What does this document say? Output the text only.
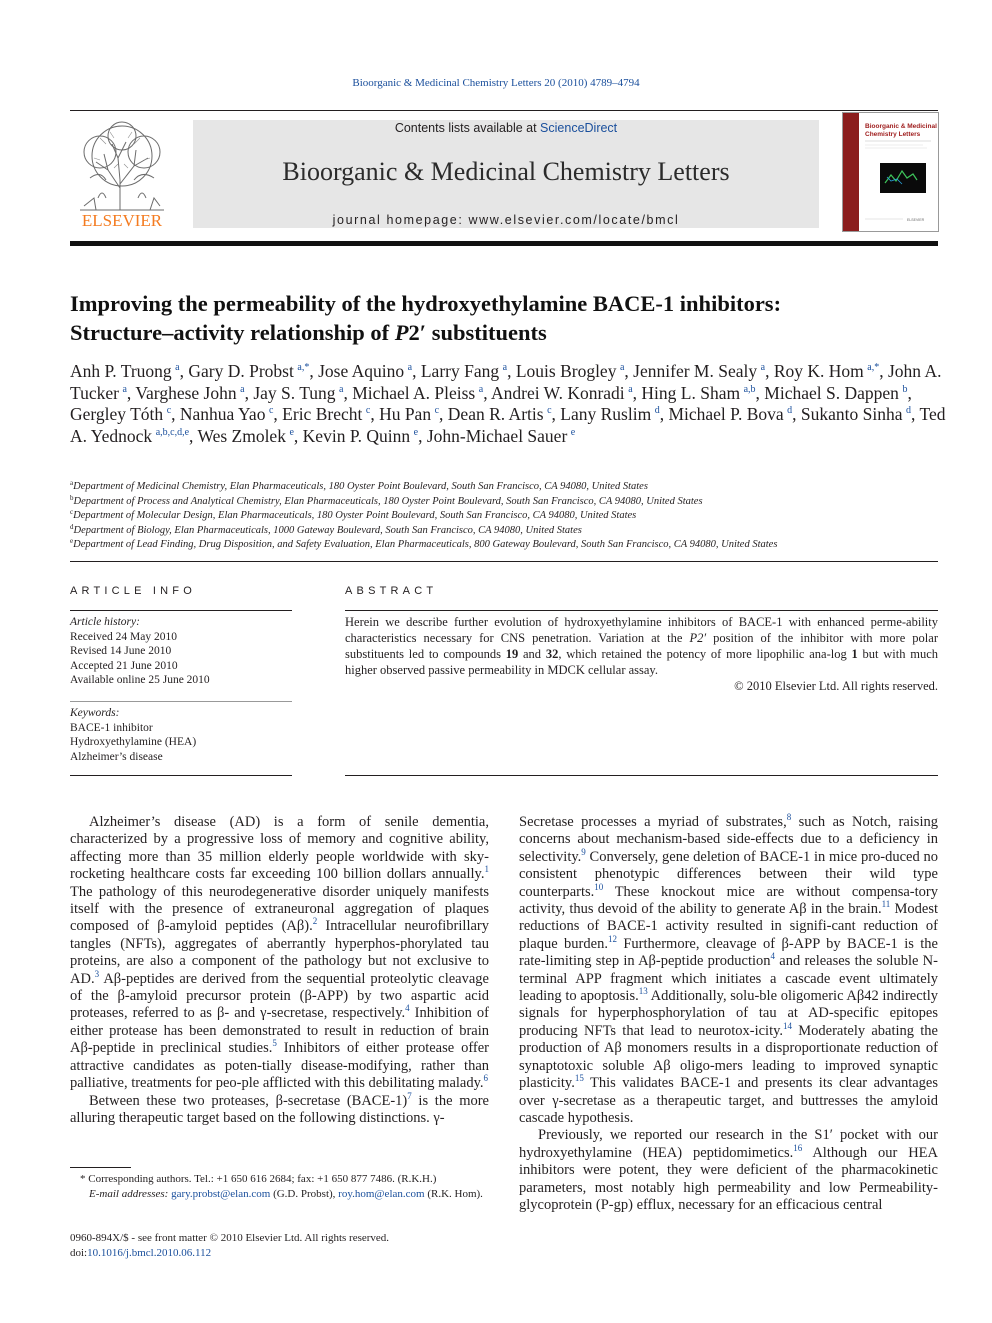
Bioorganic & Medicinal Chemistry Letters 20 (2010) 4789–4794
ELSEVIER
Contents lists available at ScienceDirect
Bioorganic & Medicinal Chemistry Letters
journal homepage: www.elsevier.com/locate/bmcl
Bioorganic & Medicinal
Chemistry Letters
ELSEVIER
Improving the permeability of the hydroxyethylamine BACE-1 inhibitors:
Structure–activity relationship of P2′ substituents
Anh P. Truong  $^a$, Gary D. Probst  $^{a,*}$, Jose Aquino  $^a$, Larry Fang  $^a$, Louis Brogley  $^a$, Jennifer M. Sealy  $^a$, Roy K. Hom  $^{a,*}$, John A. Tucker  $^a$, Varghese John  $^a$, Jay S. Tung  $^a$, Michael A. Pleiss  $^a$, Andrei W. Konradi  $^a$, Hing L. Sham  $^{a,b}$, Michael S. Dappen  $^b$, Gergley Tóth  $^c$, Nanhua Yao  $^c$, Eric Brecht  $^c$, Hu Pan  $^c$, Dean R. Artis  $^c$, Lany Ruslim  $^d$, Michael P. Bova  $^d$, Sukanto Sinha  $^d$, Ted A. Yednock  $^{a,b,c,d,e}$, Wes Zmolek  $^e$, Kevin P. Quinn  $^e$, John-Michael Sauer  $^e$
$^a$Department of Medicinal Chemistry, Elan Pharmaceuticals, 180 Oyster Point Boulevard, South San Francisco, CA 94080, United States
$^b$Department of Process and Analytical Chemistry, Elan Pharmaceuticals, 180 Oyster Point Boulevard, South San Francisco, CA 94080, United States
$^c$Department of Molecular Design, Elan Pharmaceuticals, 180 Oyster Point Boulevard, South San Francisco, CA 94080, United States
$^d$Department of Biology, Elan Pharmaceuticals, 1000 Gateway Boulevard, South San Francisco, CA 94080, United States
$^e$Department of Lead Finding, Drug Disposition, and Safety Evaluation, Elan Pharmaceuticals, 800 Gateway Boulevard, South San Francisco, CA 94080, United States
ARTICLE INFO	ABSTRACT
Article history:
Received 24 May 2010
Revised 14 June 2010
Accepted 21 June 2010
Available online 25 June 2010
Keywords:
BACE-1 inhibitor
Hydroxyethylamine (HEA)
Alzheimer’s disease
Herein we describe further evolution of hydroxyethylamine inhibitors of BACE-1 with enhanced perme-ability characteristics necessary for CNS penetration. Variation at the P2′ position of the inhibitor with more polar substituents led to compounds 19 and 32, which retained the potency of more lipophilic ana-log 1 but with much higher observed passive permeability in MDCK cellular assay.
© 2010 Elsevier Ltd. All rights reserved.

Alzheimer’s disease (AD) is a form of senile dementia, characterized by a progressive loss of memory and cognitive ability, affecting more than 35 million elderly people worldwide with sky-rocketing healthcare costs far exceeding 100 billion dollars annually.$^1$ The pathology of this neurodegenerative disorder uniquely manifests itself with the presence of extraneuronal aggregation of plaques composed of β-amyloid peptides (Aβ).$^2$ Intracellular neurofibrillary tangles (NFTs), aggregates of aberrantly hyperphos-phorylated tau proteins, are also a component of the pathology but not exclusive to AD.$^3$ Aβ-peptides are derived from the sequential proteolytic cleavage of the β-amyloid precursor protein (β-APP) by two aspartic acid proteases, referred to as β- and γ-secretase, respectively.$^4$ Inhibition of either protease has been demonstrated to result in reduction of brain Aβ-peptide in preclinical studies.$^5$ Inhibitors of either protease offer attractive candidates as poten-tially disease-modifying, rather than palliative, treatments for peo-ple afflicted with this debilitating malady.$^6$

Between these two proteases, β-secretase (BACE-1)$^7$ is the more alluring therapeutic target based on the following distinctions. γ-

Secretase processes a myriad of substrates,$^8$ such as Notch, raising concerns about mechanism-based side-effects due to a deficiency in selectivity.$^9$ Conversely, gene deletion of BACE-1 in mice pro-duced no consistent phenotypic differences between their wild type counterparts.$^{10}$ These knockout mice are without compensa-tory activity, thus devoid of the ability to generate Aβ in the brain.$^{11}$ Modest reductions of BACE-1 activity resulted in signifi-cant reduction of plaque burden.$^{12}$ Furthermore, cleavage of β-APP by BACE-1 is the rate-limiting step in Aβ-peptide production$^4$ and releases the soluble N-terminal APP fragment which initiates a cascade event ultimately leading to apoptosis.$^{13}$ Additionally, solu-ble oligomeric Aβ42 indirectly signals for hyperphosphorylation of tau at AD-specific epitopes producing NFTs that lead to neurotox-icity.$^{14}$ Moderately abating the production of Aβ monomers results in a disproportionate reduction of synaptotoxic soluble Aβ oligo-mers leading to improved synaptic plasticity.$^{15}$ This validates BACE-1 and presents its clear advantages over γ-secretase as a therapeutic target, and buttresses the amyloid cascade hypothesis.

Previously, we reported our research in the S1′ pocket with our hydroxyethylamine (HEA) peptidomimetics.$^{16}$ Although our HEA inhibitors were potent, they were deficient of the pharmacokinetic parameters, most notably high permeability and low Permeability-glycoprotein (P-gp) efflux, necessary for an efficacious central

* Corresponding authors. Tel.: +1 650 616 2684; fax: +1 650 877 7486. (R.K.H.)
E-mail addresses: gary.probst@elan.com (G.D. Probst), roy.hom@elan.com (R.K. Hom).
0960-894X/$ - see front matter © 2010 Elsevier Ltd. All rights reserved.
doi:10.1016/j.bmcl.2010.06.112
